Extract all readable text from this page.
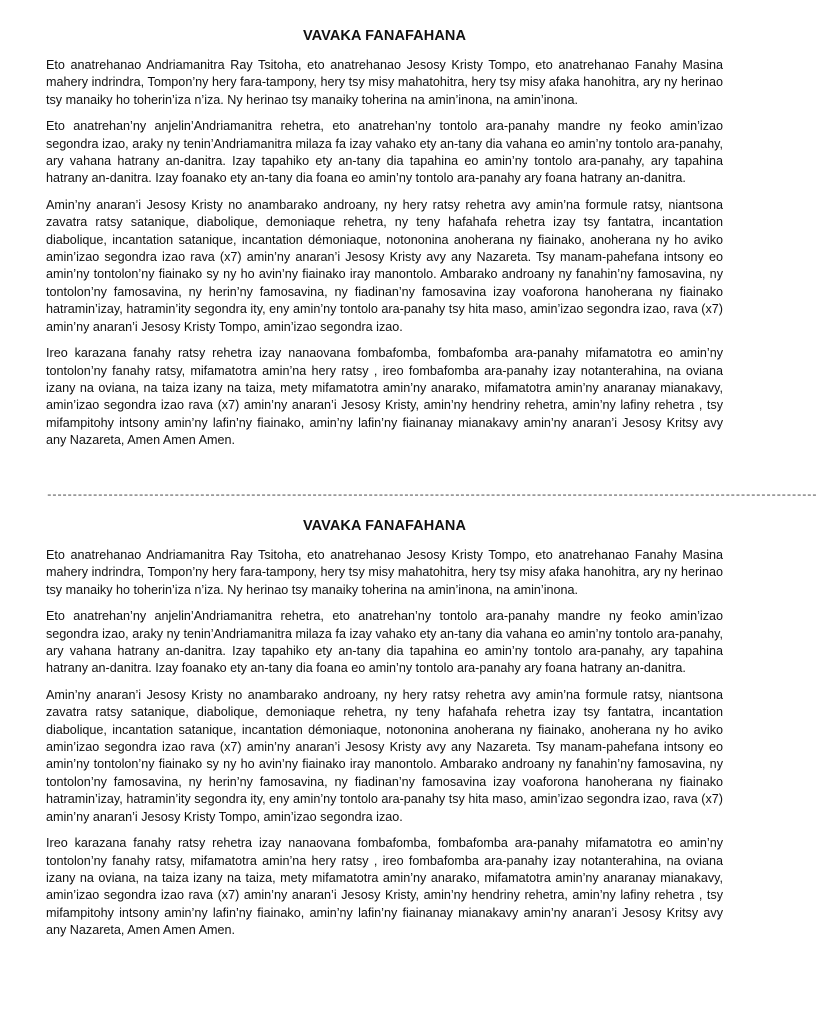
VAVAKA FANAFAHANA

Eto anatrehanao Andriamanitra Ray Tsitoha, eto anatrehanao Jesosy Kristy Tompo, eto anatrehanao Fanahy Masina mahery indrindra, Tompon’ny hery fara-tampony, hery tsy misy mahatohitra, hery tsy misy afaka hanohitra, ary ny herinao tsy manaiky ho toherin’iza n’iza. Ny herinao tsy manaiky toherina na amin’inona, na amin’inona.

Eto anatrehan’ny anjelin’Andriamanitra rehetra, eto anatrehan’ny tontolo ara-panahy mandre ny feoko amin’izao segondra izao, araky ny tenin’Andriamanitra milaza fa izay vahako ety an-tany dia vahana eo amin’ny tontolo ara-panahy, ary vahana hatrany an-danitra. Izay tapahiko ety an-tany dia tapahina eo amin’ny tontolo ara-panahy, ary tapahina hatrany an-danitra. Izay foanako ety an-tany dia foana eo amin’ny tontolo ara-panahy ary foana hatrany an-danitra.

Amin’ny anaran’i Jesosy Kristy no anambarako androany, ny hery ratsy rehetra avy amin’na formule ratsy, niantsona zavatra ratsy satanique, diabolique, demoniaque rehetra, ny teny hafahafa rehetra izay tsy fantatra, incantation diabolique, incantation satanique, incantation démoniaque, notononina anoherana ny fiainako, anoherana ny ho aviko amin’izao segondra izao rava (x7) amin’ny anaran’i Jesosy Kristy avy any Nazareta. Tsy manam-pahefana intsony eo amin’ny tontolon’ny fiainako sy ny ho avin’ny fiainako iray manontolo. Ambarako androany ny fanahin’ny famosavina, ny tontolon’ny famosavina, ny herin’ny famosavina, ny fiadinan’ny famosavina izay voaforona hanoherana ny fiainako hatramin’izay, hatramin’ity segondra ity, eny amin’ny tontolo ara-panahy tsy hita maso, amin’izao segondra izao, rava (x7) amin’ny anaran’i Jesosy Kristy Tompo, amin’izao segondra izao.

Ireo karazana fanahy ratsy rehetra izay nanaovana fombafomba, fombafomba ara-panahy mifamatotra eo amin’ny tontolon’ny fanahy ratsy, mifamatotra amin’na hery ratsy , ireo fombafomba ara-panahy izay notanterahina, na oviana izany na oviana, na taiza izany na taiza, mety mifamatotra amin’ny anarako, mifamatotra amin’ny anaranay mianakavy, amin’izao segondra izao rava (x7) amin’ny anaran’i Jesosy Kristy, amin’ny hendriny rehetra, amin’ny lafiny rehetra , tsy mifampitohy intsony amin’ny lafin’ny fiainako, amin’ny lafin’ny fiainanay mianakavy amin’ny anaran’i Jesosy Kritsy avy any Nazareta, Amen Amen Amen.

-------------------------------------------------------------------------------------------------------------------------------------------------------
VAVAKA FANAFAHANA

Eto anatrehanao Andriamanitra Ray Tsitoha, eto anatrehanao Jesosy Kristy Tompo, eto anatrehanao Fanahy Masina mahery indrindra, Tompon’ny hery fara-tampony, hery tsy misy mahatohitra, hery tsy misy afaka hanohitra, ary ny herinao tsy manaiky ho toherin’iza n’iza. Ny herinao tsy manaiky toherina na amin’inona, na amin’inona.

Eto anatrehan’ny anjelin’Andriamanitra rehetra, eto anatrehan’ny tontolo ara-panahy mandre ny feoko amin’izao segondra izao, araky ny tenin’Andriamanitra milaza fa izay vahako ety an-tany dia vahana eo amin’ny tontolo ara-panahy, ary vahana hatrany an-danitra. Izay tapahiko ety an-tany dia tapahina eo amin’ny tontolo ara-panahy, ary tapahina hatrany an-danitra. Izay foanako ety an-tany dia foana eo amin’ny tontolo ara-panahy ary foana hatrany an-danitra.

Amin’ny anaran’i Jesosy Kristy no anambarako androany, ny hery ratsy rehetra avy amin’na formule ratsy, niantsona zavatra ratsy satanique, diabolique, demoniaque rehetra, ny teny hafahafa rehetra izay tsy fantatra, incantation diabolique, incantation satanique, incantation démoniaque, notononina anoherana ny fiainako, anoherana ny ho aviko amin’izao segondra izao rava (x7) amin’ny anaran’i Jesosy Kristy avy any Nazareta. Tsy manam-pahefana intsony eo amin’ny tontolon’ny fiainako sy ny ho avin’ny fiainako iray manontolo. Ambarako androany ny fanahin’ny famosavina, ny tontolon’ny famosavina, ny herin’ny famosavina, ny fiadinan’ny famosavina izay voaforona hanoherana ny fiainako hatramin’izay, hatramin’ity segondra ity, eny amin’ny tontolo ara-panahy tsy hita maso, amin’izao segondra izao, rava (x7) amin’ny anaran’i Jesosy Kristy Tompo, amin’izao segondra izao.

Ireo karazana fanahy ratsy rehetra izay nanaovana fombafomba, fombafomba ara-panahy mifamatotra eo amin’ny tontolon’ny fanahy ratsy, mifamatotra amin’na hery ratsy , ireo fombafomba ara-panahy izay notanterahina, na oviana izany na oviana, na taiza izany na taiza, mety mifamatotra amin’ny anarako, mifamatotra amin’ny anaranay mianakavy, amin’izao segondra izao rava (x7) amin’ny anaran’i Jesosy Kristy, amin’ny hendriny rehetra, amin’ny lafiny rehetra , tsy mifampitohy intsony amin’ny lafin’ny fiainako, amin’ny lafin’ny fiainanay mianakavy amin’ny anaran’i Jesosy Kritsy avy any Nazareta, Amen Amen Amen.
